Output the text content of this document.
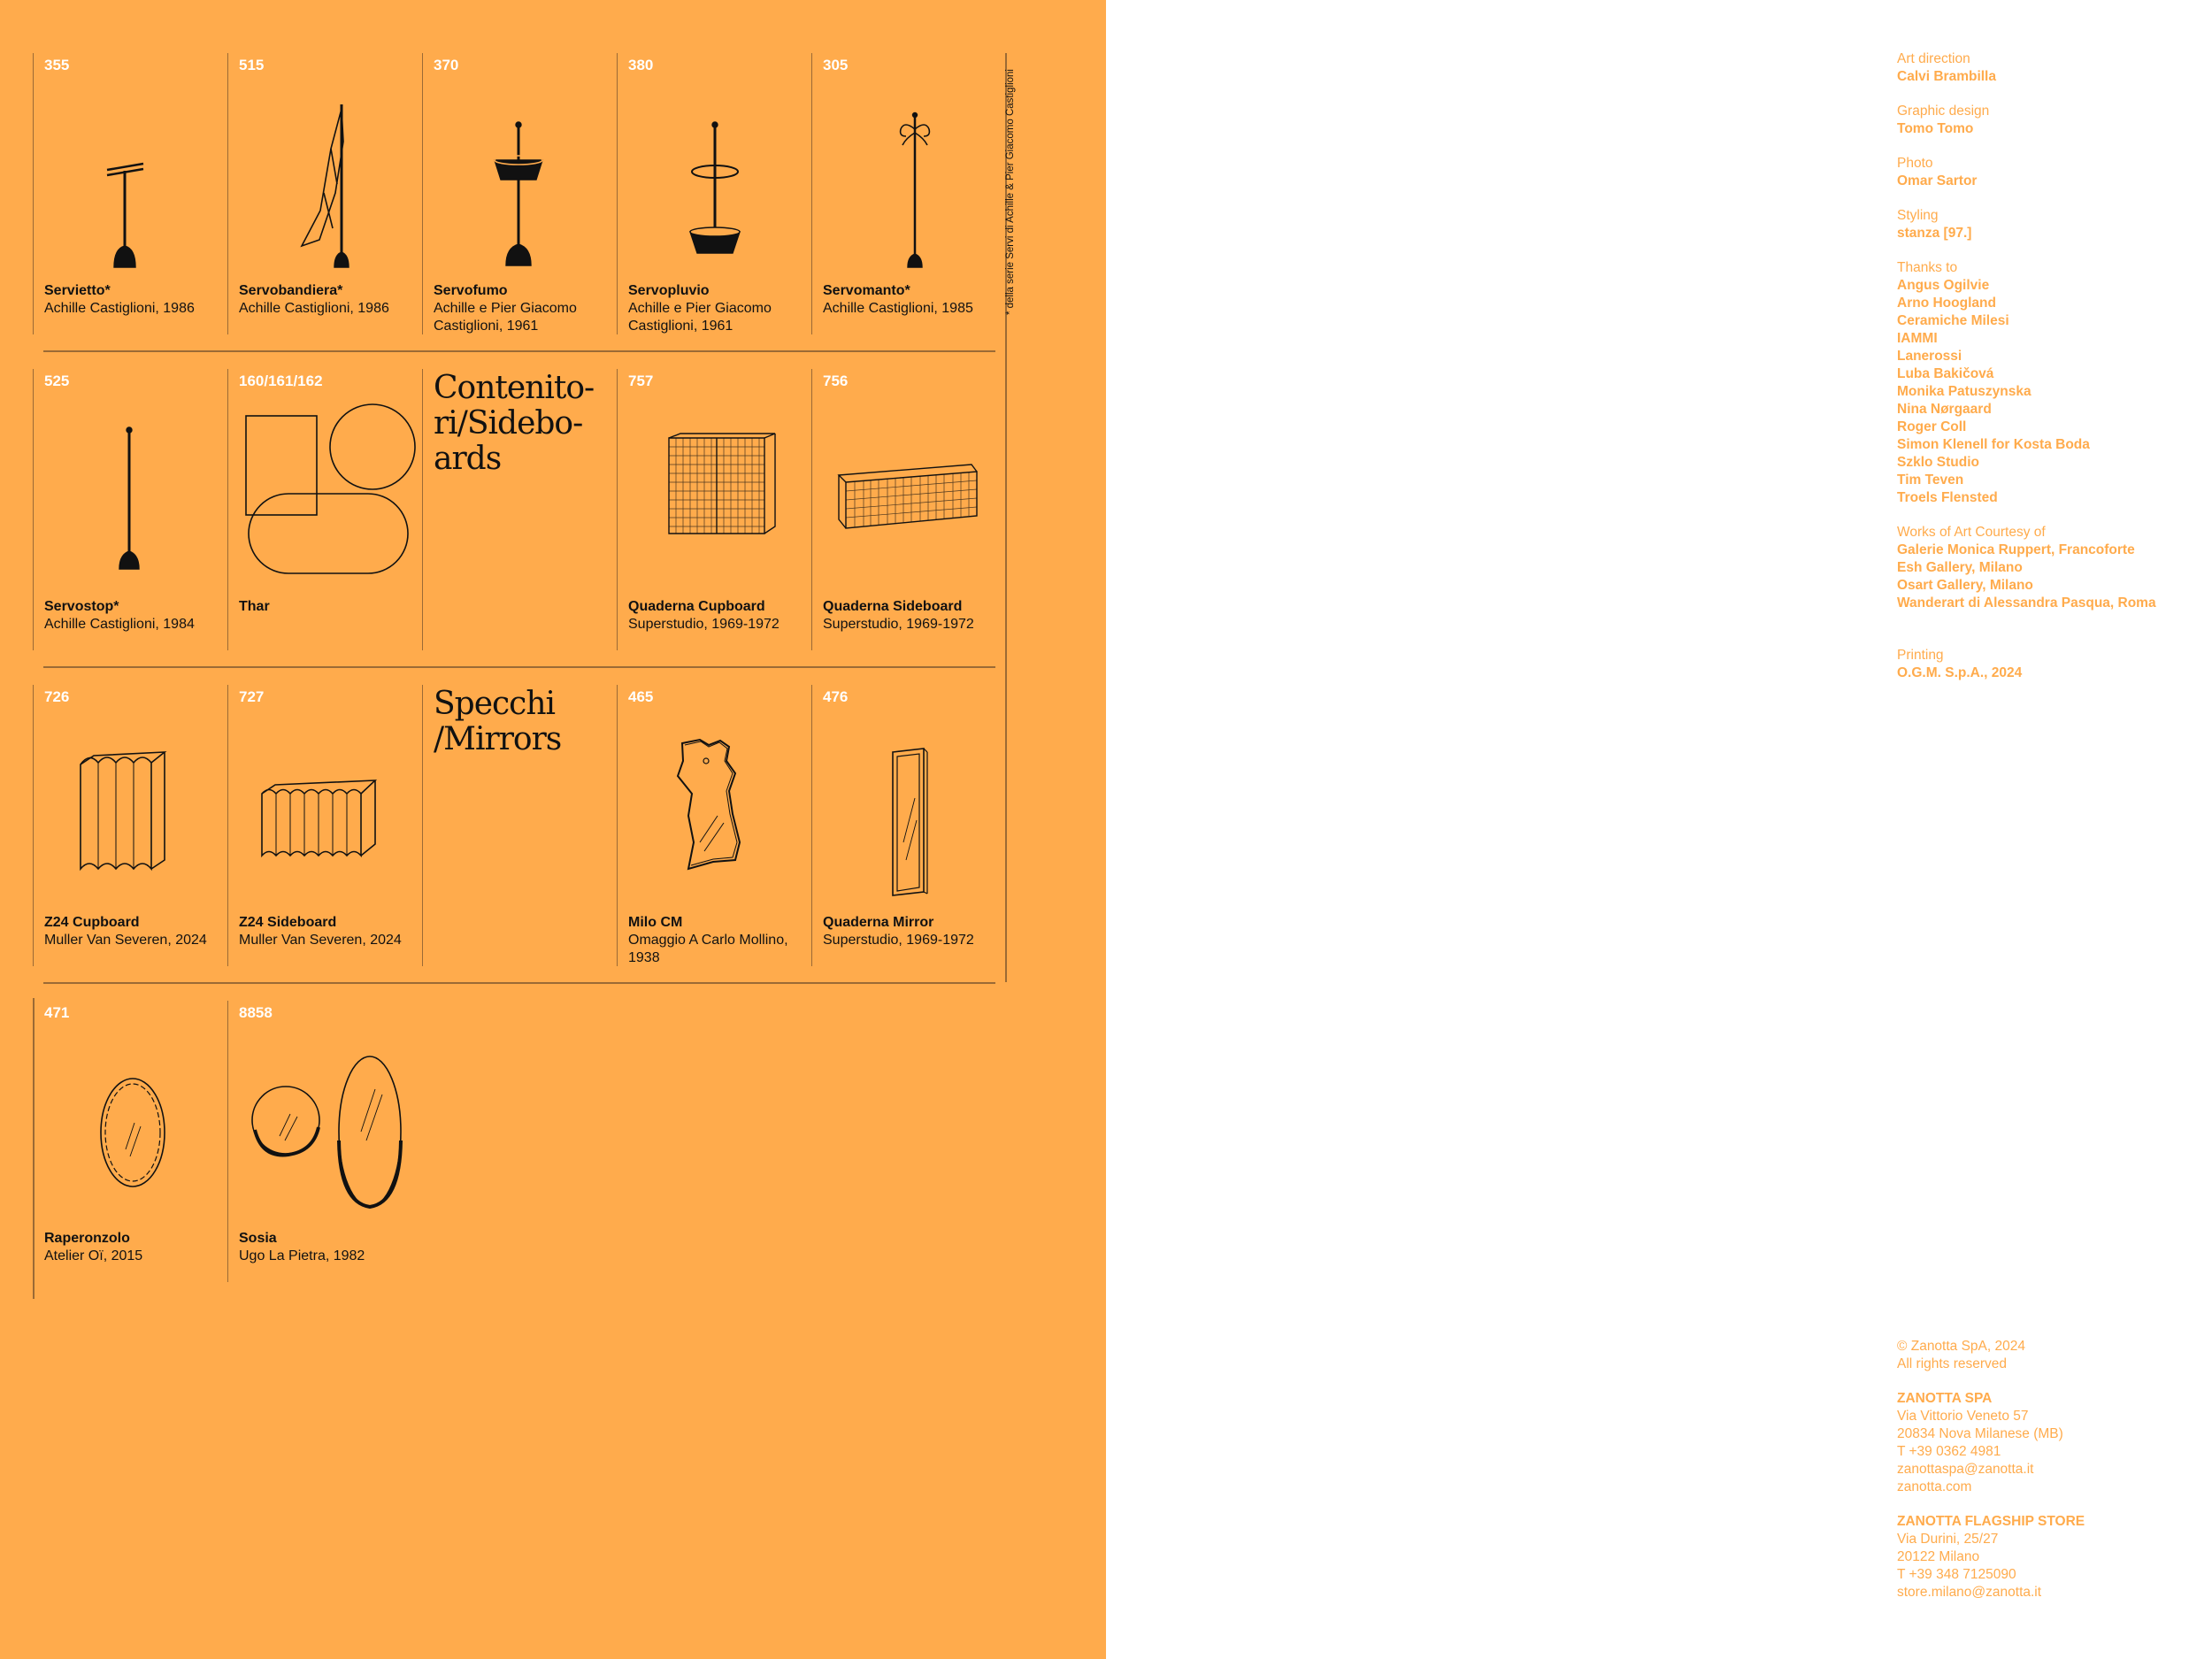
355
Servietto*
Achille Castiglioni, 1986
515
Servobandiera*
Achille Castiglioni, 1986
370
Servofumo
Achille e Pier Giacomo Castiglioni, 1961
380
Servopluvio
Achille e Pier Giacomo Castiglioni, 1961
305
Servomanto*
Achille Castiglioni, 1985
525
Servostop*
Achille Castiglioni, 1984
160/161/162
Thar
Contenito-ri/Sidebo-ards
757
Quaderna Cupboard
Superstudio, 1969-1972
756
Quaderna Sideboard
Superstudio, 1969-1972
726
Z24 Cupboard
Muller Van Severen, 2024
727
Z24 Sideboard
Muller Van Severen, 2024
Specchi /Mirrors
465
Milo CM
Omaggio A Carlo Mollino, 1938
476
Quaderna Mirror
Superstudio, 1969-1972
471
Raperonzolo
Atelier Oï, 2015
8858
Sosia
Ugo La Pietra, 1982
* della serie Servi di Achille & Pier Giacomo Castiglioni
Art direction
Calvi Brambilla
Graphic design
Tomo Tomo
Photo
Omar Sartor
Styling
stanza [97.]
Thanks to
Angus Ogilvie
Arno Hoogland
Ceramiche Milesi
IAMMI
Lanerossi
Luba Bakičová
Monika Patuszynska
Nina Nørgaard
Roger Coll
Simon Klenell for Kosta Boda
Szklo Studio
Tim Teven
Troels Flensted
Works of Art Courtesy of
Galerie Monica Ruppert, Francoforte
Esh Gallery, Milano
Osart Gallery, Milano
Wanderart di Alessandra Pasqua, Roma
Printing
O.G.M. S.p.A., 2024
© Zanotta SpA, 2024
All rights reserved
ZANOTTA SPA
Via Vittorio Veneto 57
20834 Nova Milanese (MB)
T +39 0362 4981
zanottaspa@zanotta.it
zanotta.com
ZANOTTA FLAGSHIP STORE
Via Durini, 25/27
20122 Milano
T +39 348 7125090
store.milano@zanotta.it
